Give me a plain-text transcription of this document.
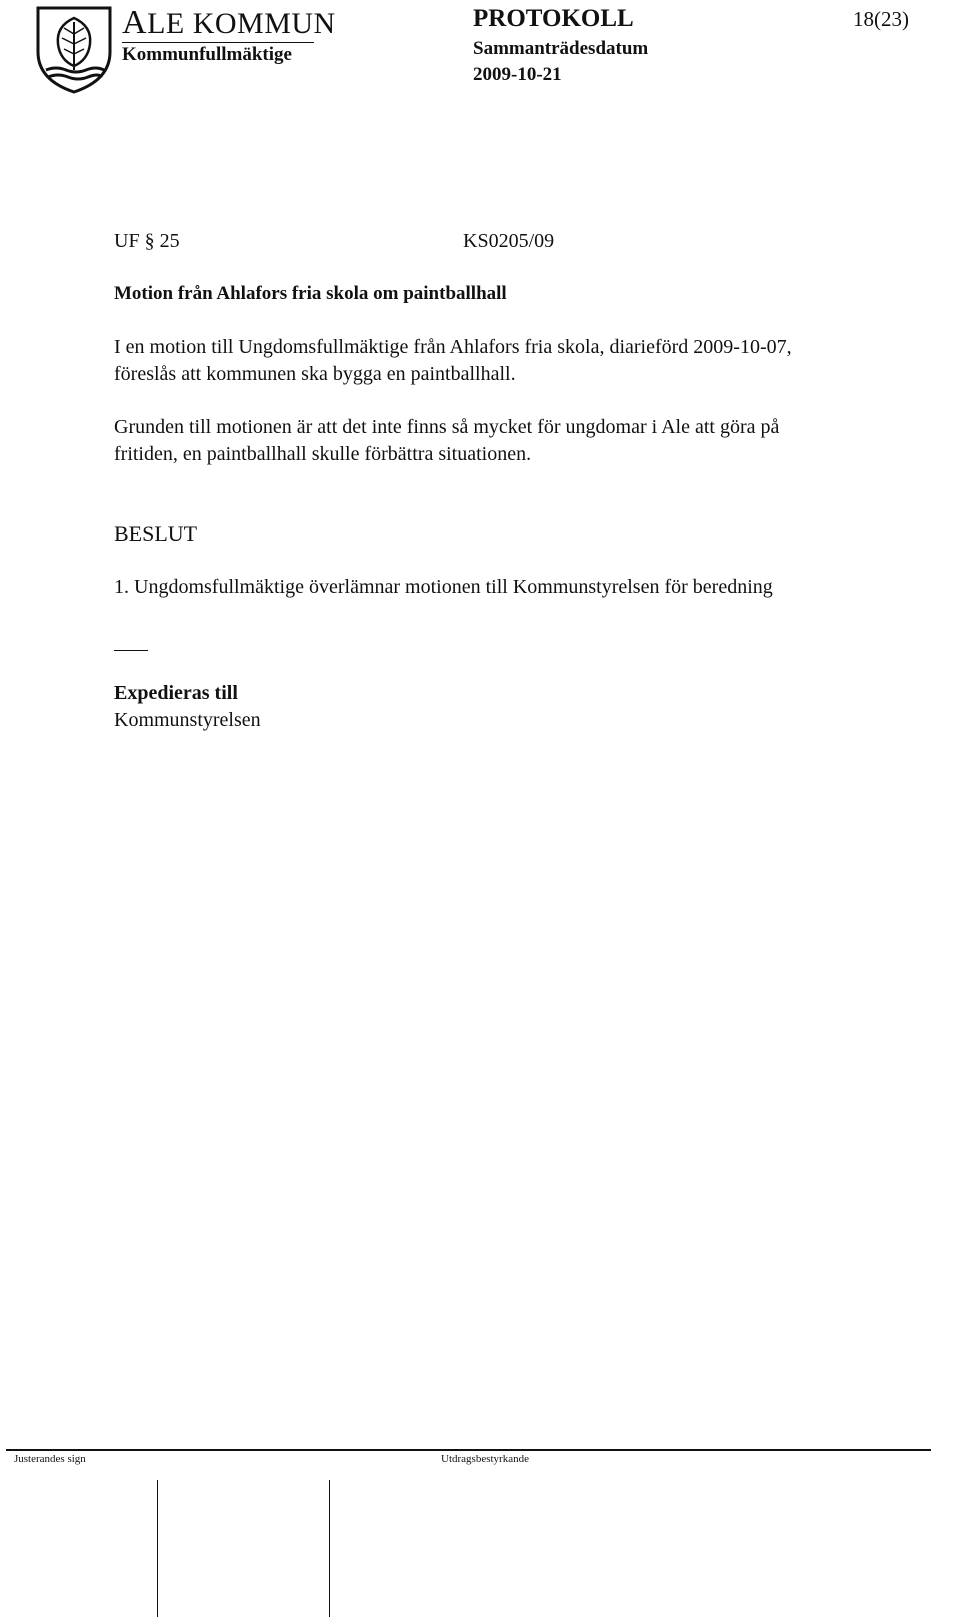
ALE KOMMUN
Kommunfullmäktige
PROTOKOLL
Sammanträdesdatum
2009-10-21
18(23)
UF § 25	KS0205/09
Motion från Ahlafors fria skola om paintballhall
I en motion till Ungdomsfullmäktige från Ahlafors fria skola, diarieförd 2009-10-07,
föreslås att kommunen ska bygga en paintballhall.
Grunden till motionen är att det inte finns så mycket för ungdomar i Ale att göra på
fritiden, en paintballhall skulle förbättra situationen.
BESLUT
1. Ungdomsfullmäktige överlämnar motionen till Kommunstyrelsen för beredning
Expedieras till
Kommunstyrelsen
Justerandes sign	Utdragsbestyrkande
